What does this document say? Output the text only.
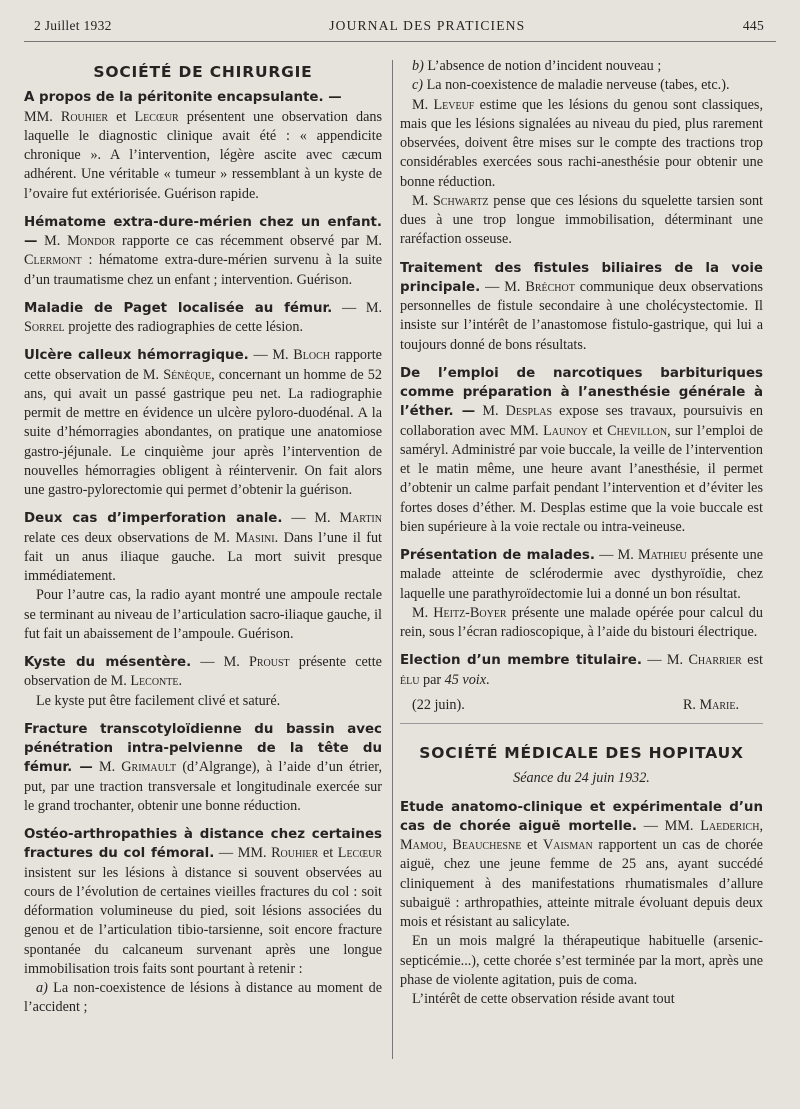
2 Juillet 1932	JOURNAL DES PRATICIENS	445
SOCIÉTÉ DE CHIRURGIE

A propos de la péritonite encapsulante. —
MM. Rouhier et Lecœur présentent une observation dans laquelle le diagnostic clinique avait été : « appendicite chronique ». A l’intervention, légère ascite avec cæcum adhérent. Une véritable « tumeur » ressemblant à un kyste de l’ovaire fut extériorisée. Guérison rapide.

Hématome extra-dure-mérien chez un enfant. — M. Mondor rapporte ce cas récemment observé par M. Clermont : hématome extra-dure-mérien survenu à la suite d’un traumatisme chez un enfant ; intervention. Guérison.

Maladie de Paget localisée au fémur. — M. Sorrel projette des radiographies de cette lésion.

Ulcère calleux hémorragique. — M. Bloch rapporte cette observation de M. Sénèque, concernant un homme de 52 ans, qui avait un passé gastrique peu net. La radiographie permit de mettre en évidence un ulcère pyloro-duodénal. A la suite d’hémorragies abondantes, on pratique une anatomiose gastro-jéjunale. Le cinquième jour après l’intervention de nouvelles hémorragies obligent à réintervenir. On fait alors une gastro-pylorectomie qui permet d’obtenir la guérison.

Deux cas d’imperforation anale. — M. Martin relate ces deux observations de M. Masini. Dans l’une il fut fait un anus iliaque gauche. La mort suivit presque immédiatement.

Pour l’autre cas, la radio ayant montré une ampoule rectale se terminant au niveau de l’articulation sacro-iliaque gauche, il fut fait un abaissement de l’ampoule. Guérison.

Kyste du mésentère. — M. Proust présente cette observation de M. Leconte.

Le kyste put être facilement clivé et saturé.

Fracture transcotyloïdienne du bassin avec pénétration intra-pelvienne de la tête du fémur. — M. Grimault (d’Algrange), à l’aide d’un étrier, put, par une traction transversale et longitudinale exercée sur le grand trochanter, obtenir une bonne réduction.

Ostéo-arthropathies à distance chez certaines fractures du col fémoral. — MM. Rouhier et Lecœur insistent sur les lésions à distance si souvent observées au cours de l’évolution de certaines vieilles fractures du col : soit déformation volumineuse du pied, soit lésions associées du genou et de l’articulation tibio-tarsienne, soit encore fracture spontanée du calcaneum survenant après une longue immobilisation trois faits sont pourtant à retenir :

a) La non-coexistence de lésions à distance au moment de l’accident ;

b) L’absence de notion d’incident nouveau ;

c) La non-coexistence de maladie nerveuse (tabes, etc.).

M. Leveuf estime que les lésions du genou sont classiques, mais que les lésions signalées au niveau du pied, plus rarement observées, doivent être mises sur le compte des tractions trop considérables exercées sous rachi-anesthésie pour obtenir une bonne réduction.

M. Schwartz pense que ces lésions du squelette tarsien sont dues à une trop longue immobilisation, déterminant une raréfaction osseuse.

Traitement des fistules biliaires de la voie principale. — M. Bréchot communique deux observations personnelles de fistule secondaire à une cholécystectomie. Il insiste sur l’intérêt de l’anastomose fistulo-gastrique, qui lui a toujours donné de bons résultats.

De l’emploi de narcotiques barbituriques comme préparation à l’anesthésie générale à l’éther. — M. Desplas expose ses travaux, poursuivis en collaboration avec MM. Launoy et Chevillon, sur l’emploi de saméryl. Administré par voie buccale, la veille de l’intervention et le matin même, une heure avant l’anesthésie, il permet d’obtenir un calme parfait pendant l’intervention et d’éviter les fortes doses d’éther. M. Desplas estime que la voie buccale est bien supérieure à la voie rectale ou intra-veineuse.

Présentation de malades. — M. Mathieu présente une malade atteinte de sclérodermie avec dysthyroïdie, chez laquelle une parathyroïdectomie lui a donné un bon résultat.

M. Heitz-Boyer présente une malade opérée pour calcul du rein, sous l’écran radioscopique, à l’aide du bistouri électrique.

Election d’un membre titulaire. — M. Charrier est élu par 45 voix.

(22 juin).	R. Marie.
SOCIÉTÉ MÉDICALE DES HOPITAUX
Séance du 24 juin 1932.

Etude anatomo-clinique et expérimentale d’un cas de chorée aiguë mortelle. — MM. Laederich, Mamou, Beauchesne et Vaisman rapportent un cas de chorée aiguë, chez une jeune femme de 25 ans, ayant succédé cliniquement à des manifestations rhumatismales d’allure subaiguë : arthropathies, atteinte mitrale évoluant depuis deux mois et résistant au salicylate.

En un mois malgré la thérapeutique habituelle (arsenic-septicémie...), cette chorée s’est terminée par la mort, après une phase de violente agitation, puis de coma.

L’intérêt de cette observation réside avant tout
